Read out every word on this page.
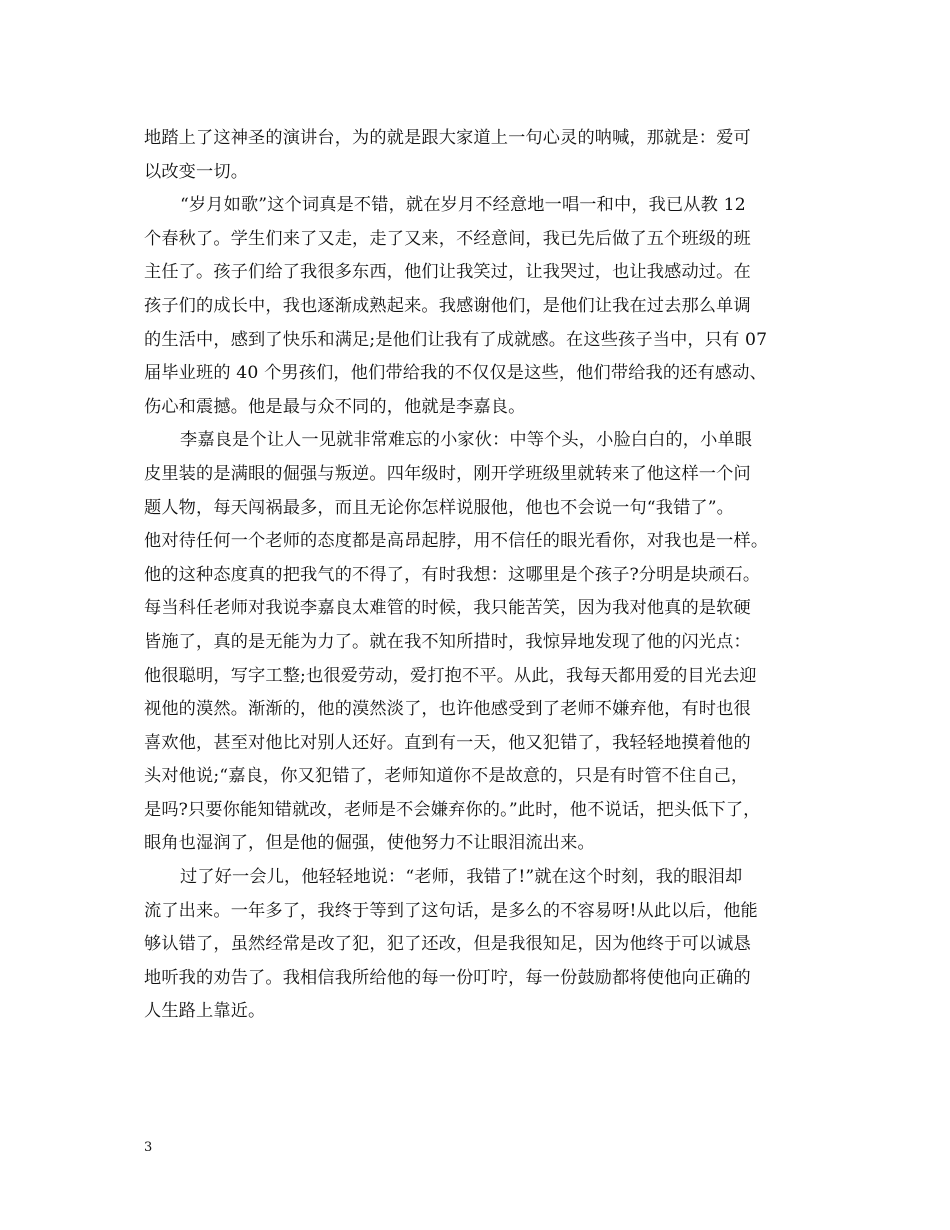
地踏上了这神圣的演讲台，为的就是跟大家道上一句心灵的呐喊，那就是：爱可
以改变一切。
“岁月如歌”这个词真是不错，就在岁月不经意地一唱一和中，我已从教 12
个春秋了。学生们来了又走，走了又来，不经意间，我已先后做了五个班级的班
主任了。孩子们给了我很多东西，他们让我笑过，让我哭过，也让我感动过。在
孩子们的成长中，我也逐渐成熟起来。我感谢他们，是他们让我在过去那么单调
的生活中，感到了快乐和满足;是他们让我有了成就感。在这些孩子当中，只有 07
届毕业班的 40 个男孩们，他们带给我的不仅仅是这些，他们带给我的还有感动、
伤心和震撼。他是最与众不同的，他就是李嘉良。
李嘉良是个让人一见就非常难忘的小家伙：中等个头，小脸白白的，小单眼
皮里装的是满眼的倔强与叛逆。四年级时，刚开学班级里就转来了他这样一个问
题人物，每天闯祸最多，而且无论你怎样说服他，他也不会说一句“我错了”。
他对待任何一个老师的态度都是高昂起脖，用不信任的眼光看你，对我也是一样。
他的这种态度真的把我气的不得了，有时我想：这哪里是个孩子?分明是块顽石。
每当科任老师对我说李嘉良太难管的时候，我只能苦笑，因为我对他真的是软硬
皆施了，真的是无能为力了。就在我不知所措时，我惊异地发现了他的闪光点：
他很聪明，写字工整;也很爱劳动，爱打抱不平。从此，我每天都用爱的目光去迎
视他的漠然。渐渐的，他的漠然淡了，也许他感受到了老师不嫌弃他，有时也很
喜欢他，甚至对他比对别人还好。直到有一天，他又犯错了，我轻轻地摸着他的
头对他说;“嘉良，你又犯错了，老师知道你不是故意的，只是有时管不住自己，
是吗?只要你能知错就改，老师是不会嫌弃你的。”此时，他不说话，把头低下了，
眼角也湿润了，但是他的倔强，使他努力不让眼泪流出来。
过了好一会儿，他轻轻地说：“老师，我错了!”就在这个时刻，我的眼泪却
流了出来。一年多了，我终于等到了这句话，是多么的不容易呀!从此以后，他能
够认错了，虽然经常是改了犯，犯了还改，但是我很知足，因为他终于可以诚恳
地听我的劝告了。我相信我所给他的每一份叮咛，每一份鼓励都将使他向正确的
人生路上靠近。
3
